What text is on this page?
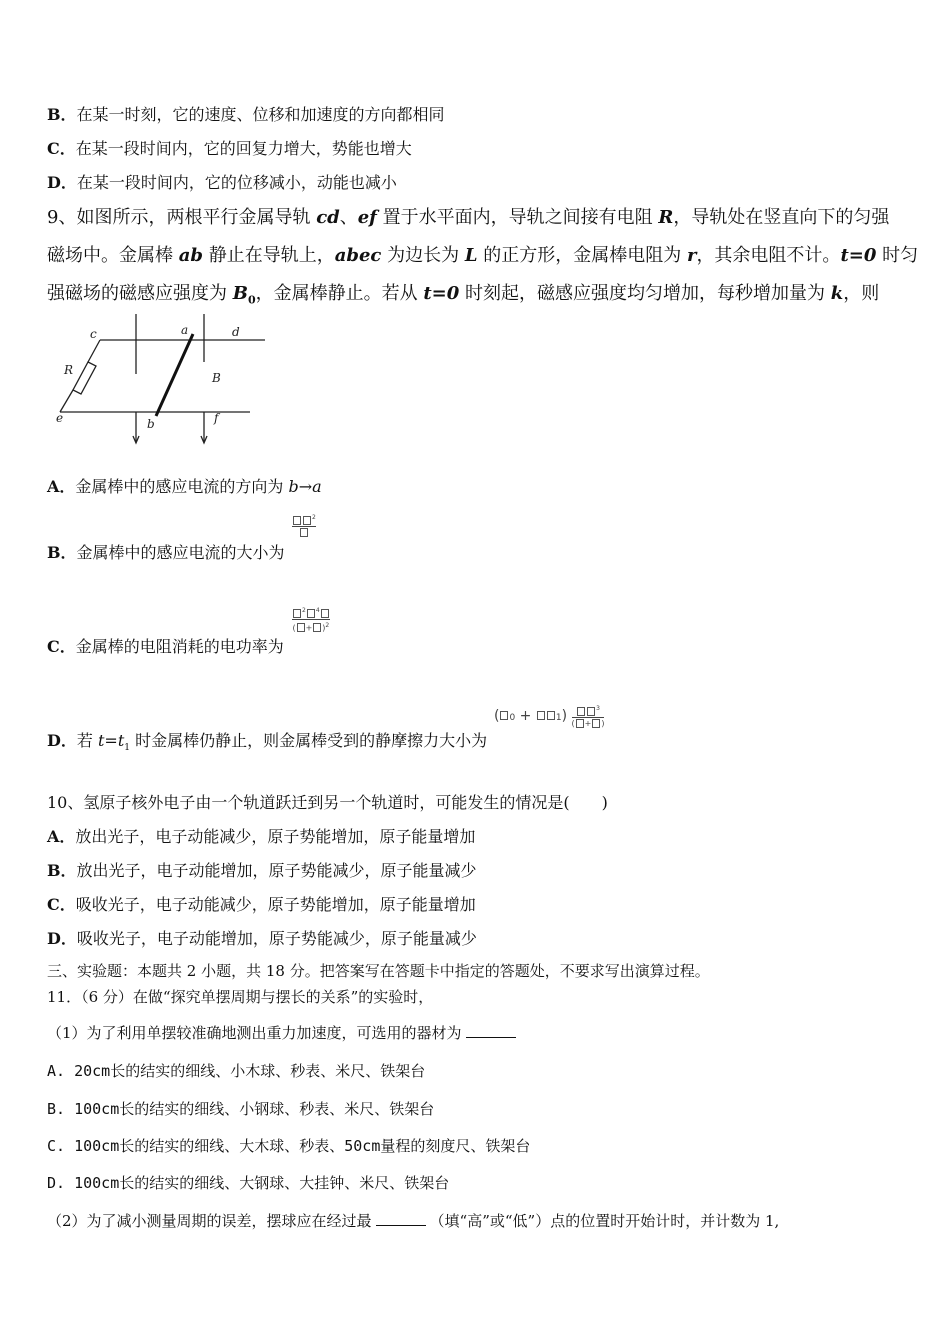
B．在某一时刻，它的速度、位移和加速度的方向都相同
C．在某一段时间内，它的回复力增大，势能也增大
D．在某一段时间内，它的位移减小，动能也减小
9、如图所示，两根平行金属导轨 cd、ef 置于水平面内，导轨之间接有电阻 R，导轨处在竖直向下的匀强
磁场中。金属棒 ab 静止在导轨上，abec 为边长为 L 的正方形，金属棒电阻为 r，其余电阻不计。t=0 时匀
强磁场的磁感应强度为 $B_0$，金属棒静止。若从 t=0 时刻起，磁感应强度均匀增加，每秒增加量为 k，则
c	a	d
R
B
e	b	f
A．金属棒中的感应电流的方向为 b→a
B．金属棒中的感应电流的大小为
$^2$
C．金属棒的电阻消耗的电功率为
$\frac{^2 ^4}{( + )^2}$
D．若 $t=t_1$ 时金属棒仍静止，则金属棒受到的静摩擦力大小为
( 0 +	1)	$^3$
( + )
10、氢原子核外电子由一个轨道跃迁到另一个轨道时，可能发生的情况是(　　)
A．放出光子，电子动能减少，原子势能增加，原子能量增加
B．放出光子，电子动能增加，原子势能减少，原子能量减少
C．吸收光子，电子动能减少，原子势能增加，原子能量增加
D．吸收光子，电子动能增加，原子势能减少，原子能量减少
三、实验题：本题共 2 小题，共 18 分。把答案写在答题卡中指定的答题处，不要求写出演算过程。
11．（6 分）在做“探究单摆周期与摆长的关系”的实验时，
（1）为了利用单摆较准确地测出重力加速度，可选用的器材为
A. 20cm长的结实的细线、小木球、秒表、米尺、铁架台
B. 100cm长的结实的细线、小钢球、秒表、米尺、铁架台
C. 100cm长的结实的细线、大木球、秒表、50cm量程的刻度尺、铁架台
D. 100cm长的结实的细线、大钢球、大挂钟、米尺、铁架台
（2）为了减小测量周期的误差，摆球应在经过最	（填“高”或“低”）点的位置时开始计时，并计数为 1,
